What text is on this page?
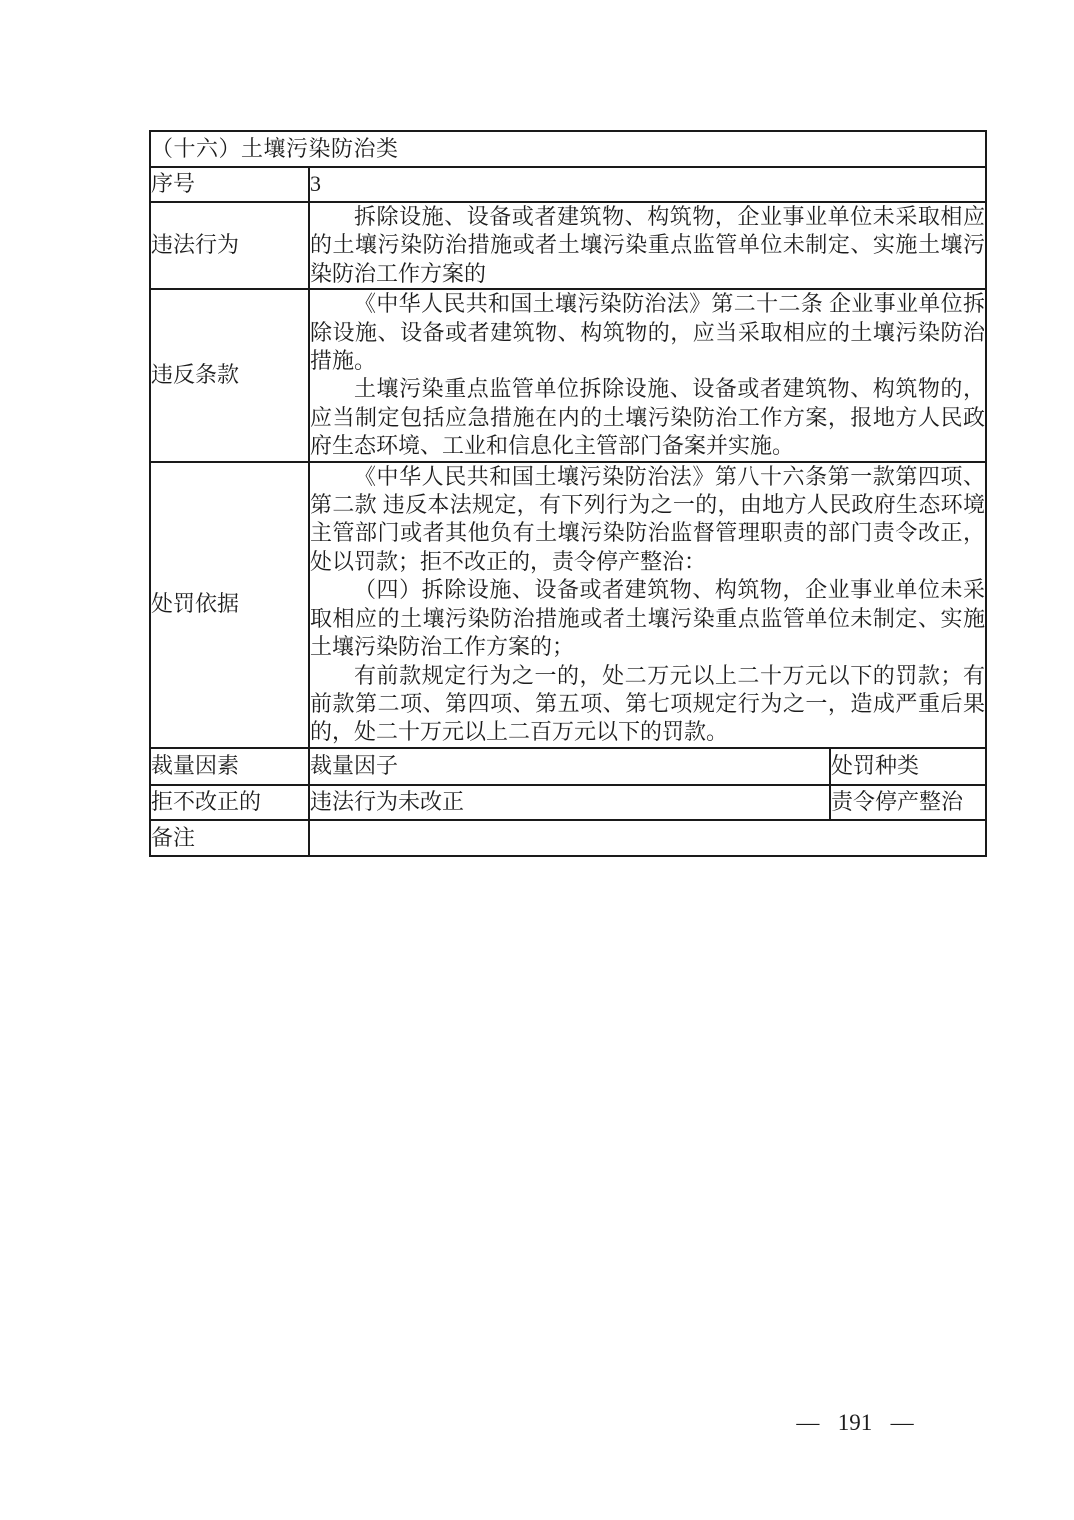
（十六）土壤污染防治类		
序号	3	
违法行为	拆除设施、设备或者建筑物、构筑物，企业事业单位未采取相应的土壤污染防治措施或者土壤污染重点监管单位未制定、实施土壤污染防治工作方案的	

违反条款	《中华人民共和国土壤污染防治法》第二十二条 企业事业单位拆除设施、设备或者建筑物、构筑物的，应当采取相应的土壤污染防治措施。

土壤污染重点监管单位拆除设施、设备或者建筑物、构筑物的，应当制定包括应急措施在内的土壤污染防治工作方案，报地方人民政府生态环境、工业和信息化主管部门备案并实施。	

处罚依据	《中华人民共和国土壤污染防治法》第八十六条第一款第四项、第二款 违反本法规定，有下列行为之一的，由地方人民政府生态环境主管部门或者其他负有土壤污染防治监督管理职责的部门责令改正，处以罚款；拒不改正的，责令停产整治：

（四）拆除设施、设备或者建筑物、构筑物，企业事业单位未采取相应的土壤污染防治措施或者土壤污染重点监管单位未制定、实施土壤污染防治工作方案的；

有前款规定行为之一的，处二万元以上二十万元以下的罚款；有前款第二项、第四项、第五项、第七项规定行为之一，造成严重后果的，处二十万元以上二百万元以下的罚款。	

裁量因素	裁量因子	处罚种类
拒不改正的	违法行为未改正	责令停产整治
备注		
— 191 —
